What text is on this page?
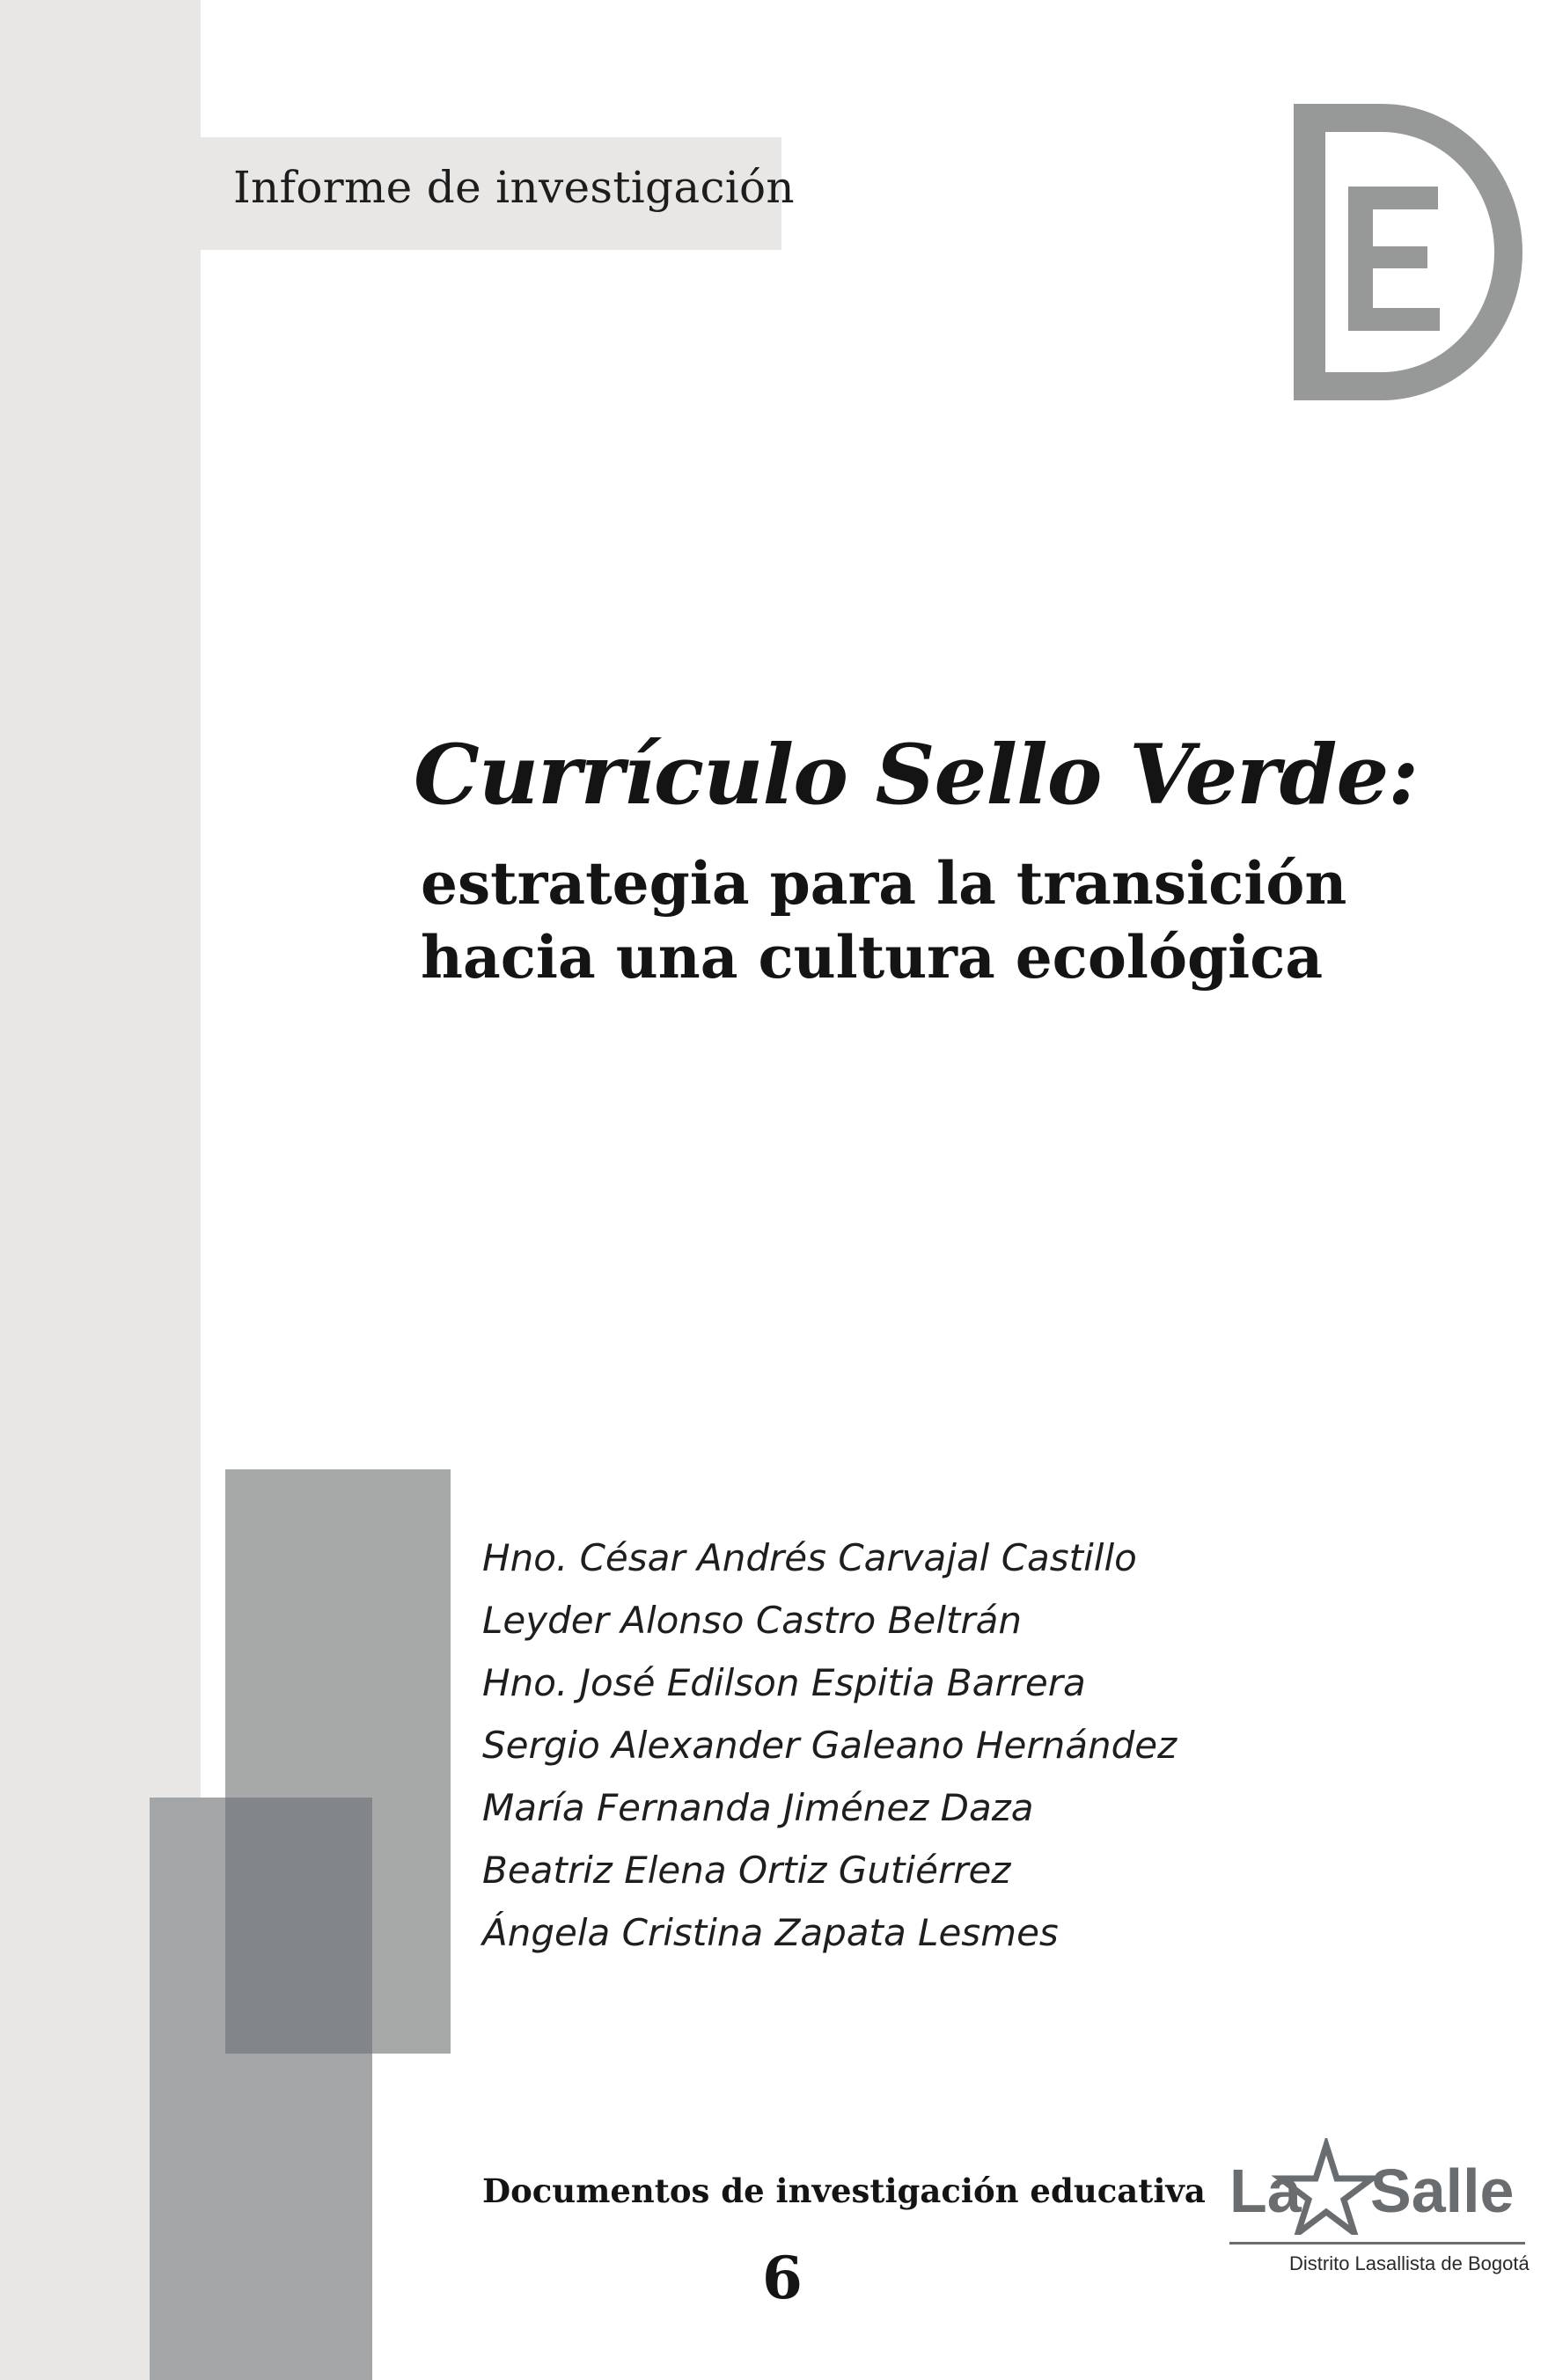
Informe de investigación
Currículo Sello Verde:
estrategia para la transición
hacia una cultura ecológica
Hno. César Andrés Carvajal Castillo
Leyder Alonso Castro Beltrán
Hno. José Edilson Espitia Barrera
Sergio Alexander Galeano Hernández
María Fernanda Jiménez Daza
Beatriz Elena Ortiz Gutiérrez
Ángela Cristina Zapata Lesmes
Documentos de investigación educativa
6
La Salle
Distrito Lasallista de Bogotá
